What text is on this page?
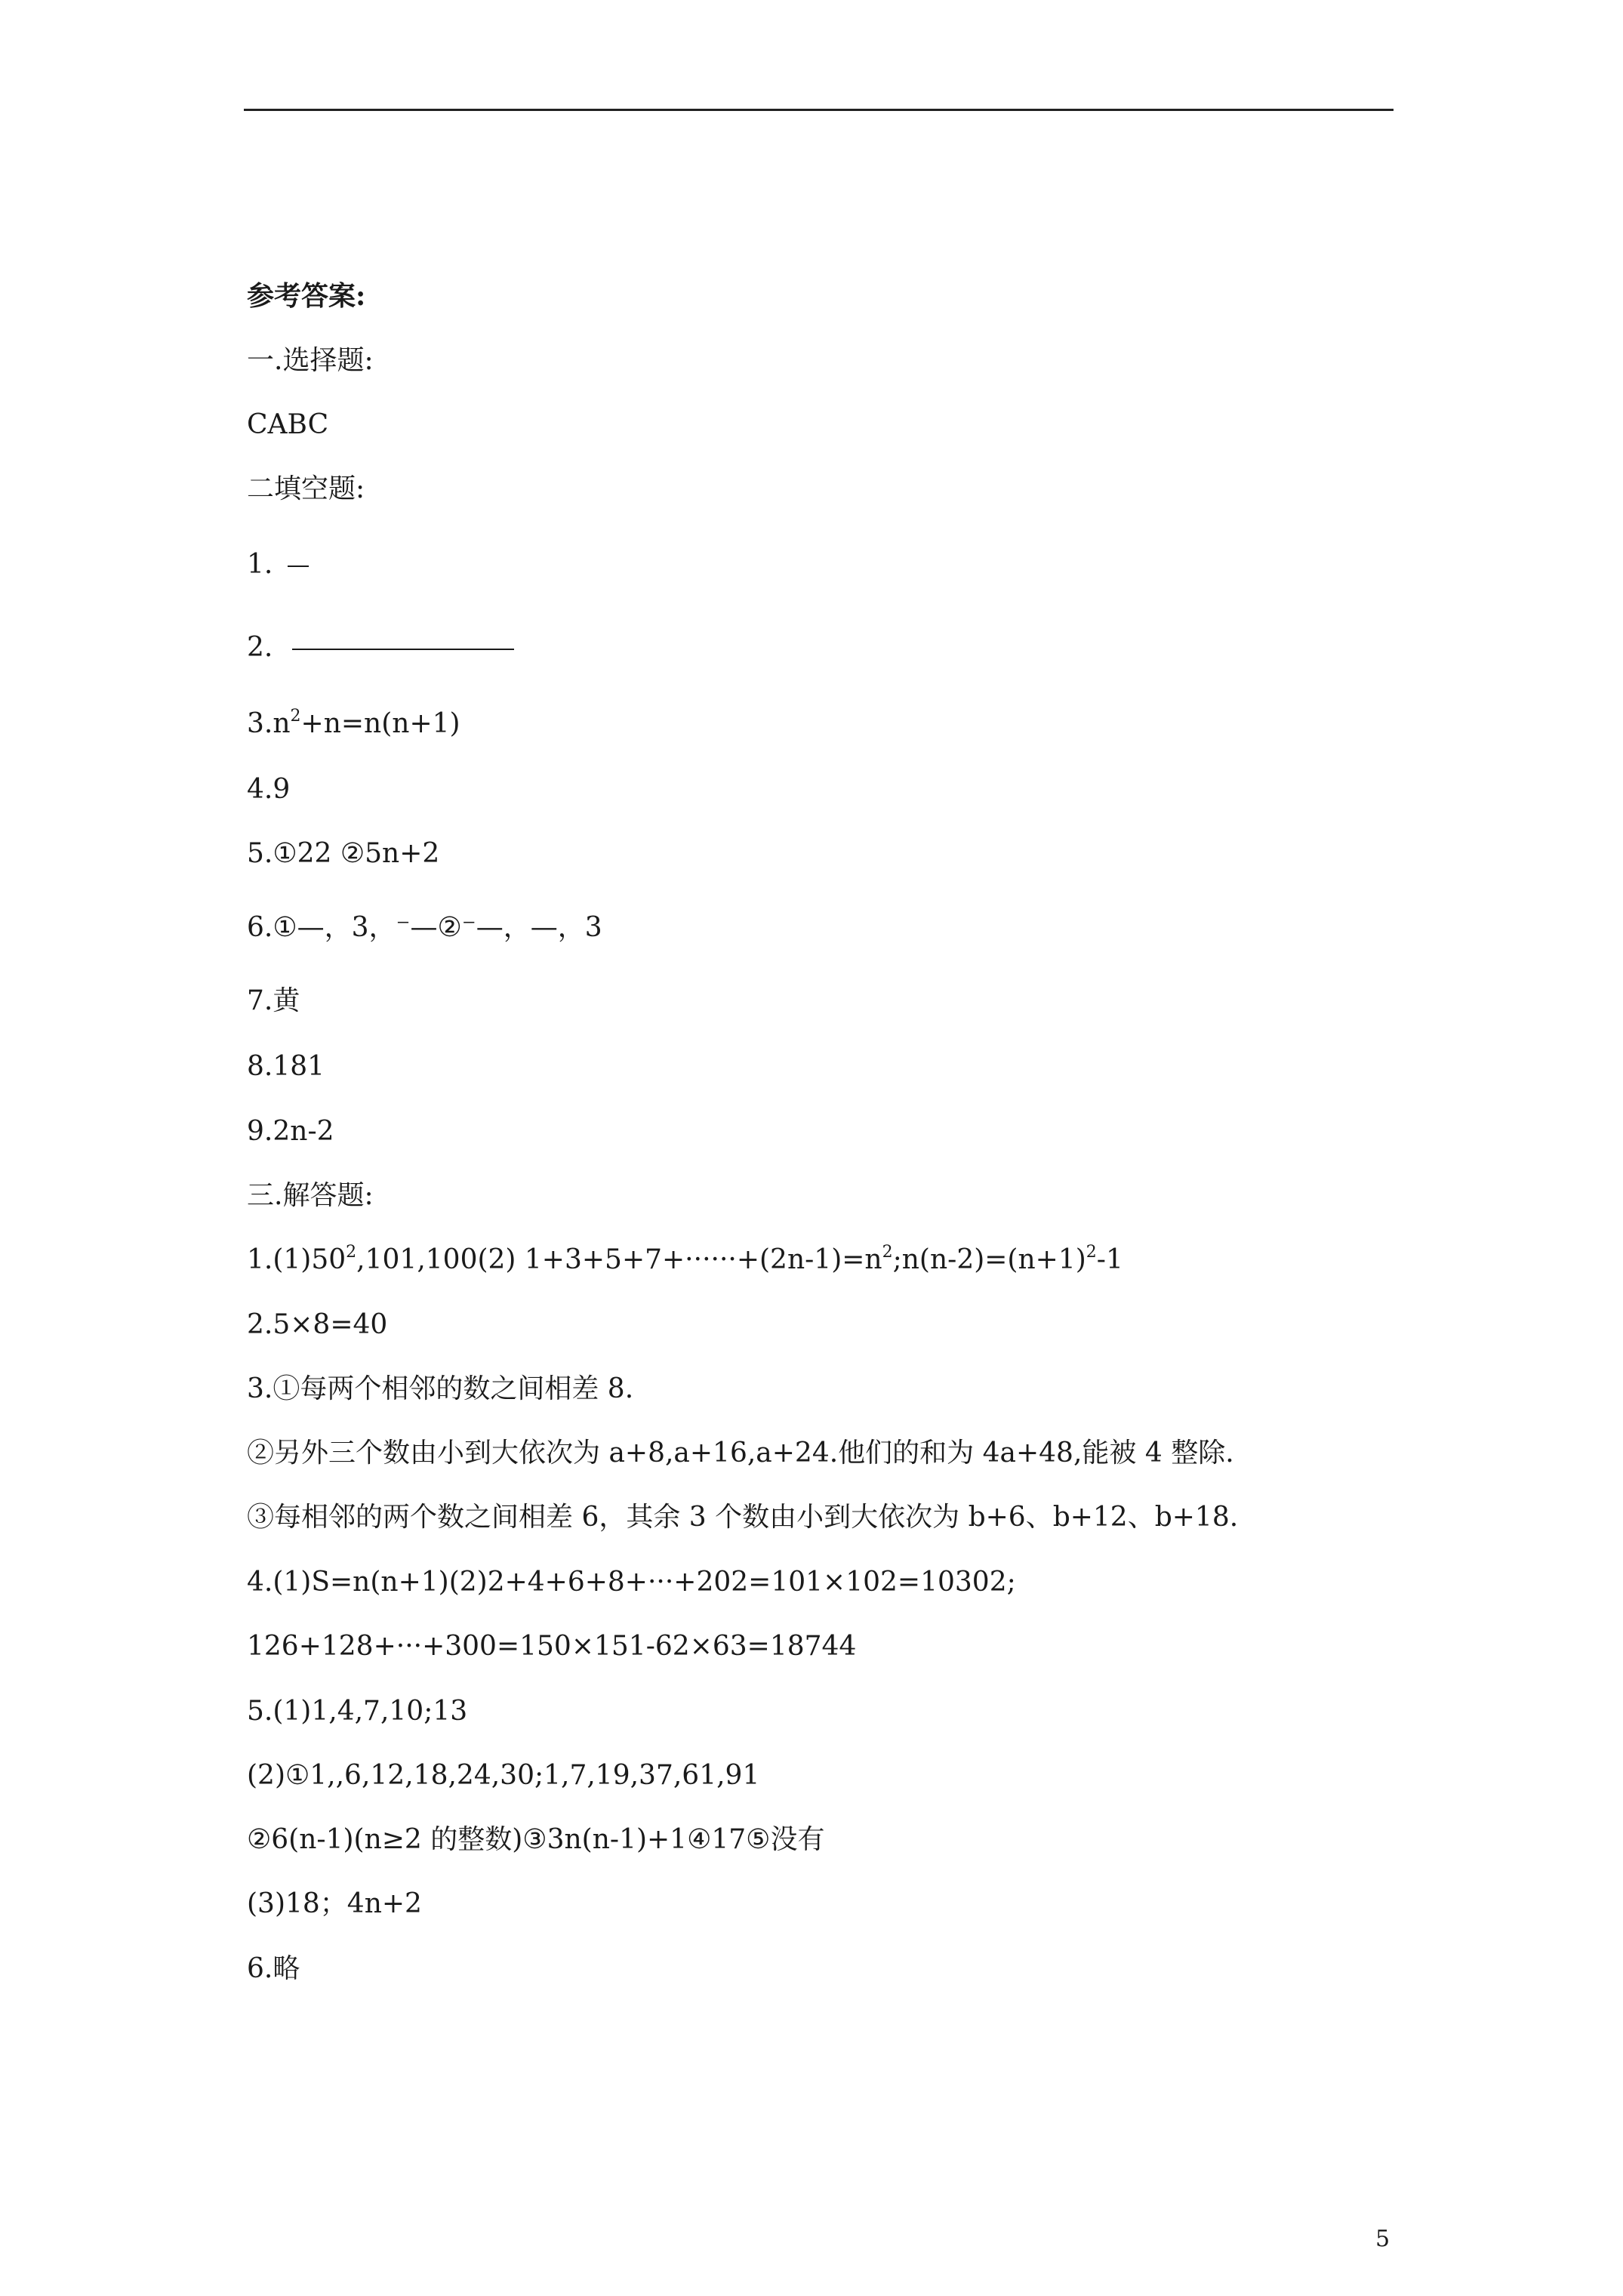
参考答案:
一.选择题:
CABC
二填空题:
1.
2.
$3.n^2+n=n(n+1)$
4.9
5.①22 ②5n+2
6.①—，3，⁻—②⁻—，—，3
7.黄
8.181
9.2n-2
三.解答题:
$1.(1)50^2,101,100(2)$ $1+3+5+7+\cdot\cdot\cdot\cdot\cdot\cdot+(2n-1)=n^2;n(n-2)=(n+1)^2-1$
2.5×8=40
3.①每两个相邻的数之间相差 8.
②另外三个数由小到大依次为 a+8,a+16,a+24.他们的和为 4a+48,能被 4 整除.
③每相邻的两个数之间相差 6，其余 3 个数由小到大依次为 b+6、b+12、b+18.
4.(1)S=n(n+1)(2)2+4+6+8+···+202=101×102=10302;
126+128+···+300=150×151-62×63=18744
5.(1)1,4,7,10;13
(2)①1,,6,12,18,24,30;1,7,19,37,61,91
②6(n-1)(n≥2 的整数)③3n(n-1)+1④17⑤没有
(3)18；4n+2
6.略
5
